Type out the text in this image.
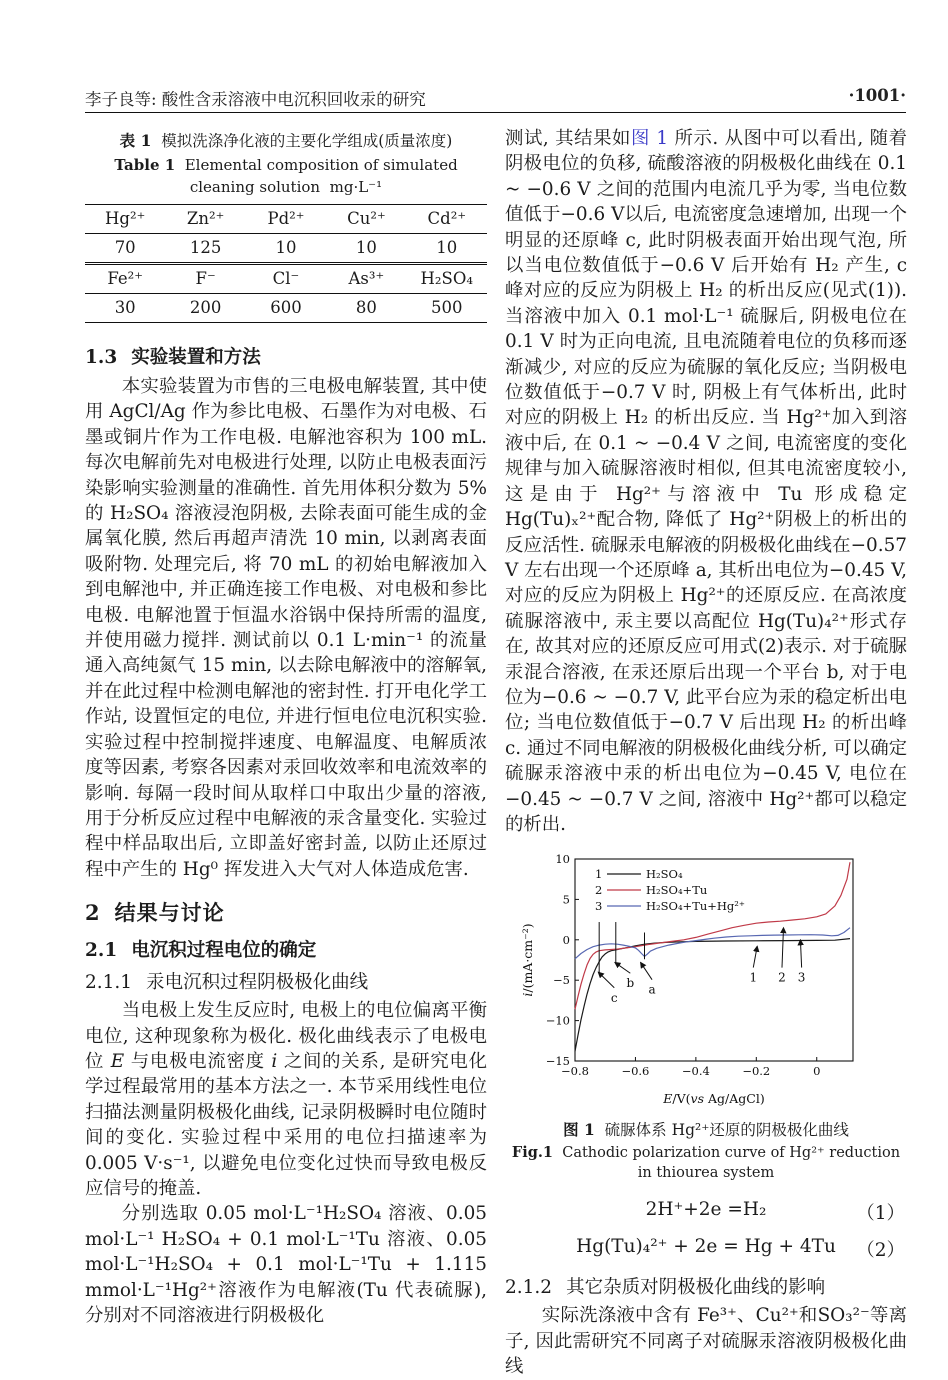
李子良等: 酸性含汞溶液中电沉积回收汞的研究	·1001·
表 1 模拟洗涤净化液的主要化学组成(质量浓度)
Table 1 Elemental composition of simulated cleaning solution mg·L⁻¹
Hg²⁺	Zn²⁺	Pd²⁺	Cu²⁺	Cd²⁺
70	125	10	10	10
Fe²⁺	F⁻	Cl⁻	As³⁺	H₂SO₄
30	200	600	80	500
1.3 实验装置和方法

本实验装置为市售的三电极电解装置, 其中使用 AgCl/Ag 作为参比电极、石墨作为对电极、石墨或铜片作为工作电极. 电解池容积为 100 mL. 每次电解前先对电极进行处理, 以防止电极表面污染影响实验测量的准确性. 首先用体积分数为 5% 的 H₂SO₄ 溶液浸泡阴极, 去除表面可能生成的金属氧化膜, 然后再超声清洗 10 min, 以剥离表面吸附物. 处理完后, 将 70 mL 的初始电解液加入到电解池中, 并正确连接工作电极、对电极和参比电极. 电解池置于恒温水浴锅中保持所需的温度, 并使用磁力搅拌. 测试前以 0.1 L·min⁻¹ 的流量通入高纯氮气 15 min, 以去除电解液中的溶解氧, 并在此过程中检测电解池的密封性. 打开电化学工作站, 设置恒定的电位, 并进行恒电位电沉积实验. 实验过程中控制搅拌速度、电解温度、电解质浓度等因素, 考察各因素对汞回收效率和电流效率的影响. 每隔一段时间从取样口中取出少量的溶液, 用于分析反应过程中电解液的汞含量变化. 实验过程中样品取出后, 立即盖好密封盖, 以防止还原过程中产生的 Hg⁰ 挥发进入大气对人体造成危害.

2 结果与讨论
2.1 电沉积过程电位的确定
2.1.1 汞电沉积过程阴极极化曲线

当电极上发生反应时, 电极上的电位偏离平衡电位, 这种现象称为极化. 极化曲线表示了电极电位 E 与电极电流密度 i 之间的关系, 是研究电化学过程最常用的基本方法之一. 本节采用线性电位扫描法测量阴极极化曲线, 记录阴极瞬时电位随时间的变化. 实验过程中采用的电位扫描速率为 0.005 V·s⁻¹, 以避免电位变化过快而导致电极反应信号的掩盖.

分别选取 0.05 mol·L⁻¹H₂SO₄ 溶液、0.05 mol·L⁻¹ H₂SO₄ + 0.1 mol·L⁻¹Tu 溶液、0.05 mol·L⁻¹H₂SO₄ + 0.1 mol·L⁻¹Tu + 1.115 mmol·L⁻¹Hg²⁺溶液作为电解液(Tu 代表硫脲), 分别对不同溶液进行阴极极化

测试, 其结果如图 1 所示. 从图中可以看出, 随着阴极电位的负移, 硫酸溶液的阴极极化曲线在 0.1 ~ −0.6 V 之间的范围内电流几乎为零, 当电位数值低于−0.6 V以后, 电流密度急速增加, 出现一个明显的还原峰 c, 此时阴极表面开始出现气泡, 所以当电位数值低于−0.6 V 后开始有 H₂ 产生, c 峰对应的反应为阴极上 H₂ 的析出反应(见式(1)). 当溶液中加入 0.1 mol·L⁻¹ 硫脲后, 阴极电位在 0.1 V 时为正向电流, 且电流随着电位的负移而逐渐减少, 对应的反应为硫脲的氧化反应; 当阴极电位数值低于−0.7 V 时, 阴极上有气体析出, 此时对应的阴极上 H₂ 的析出反应. 当 Hg²⁺加入到溶液中后, 在 0.1 ~ −0.4 V 之间, 电流密度的变化规律与加入硫脲溶液时相似, 但其电流密度较小, 这是由于 Hg²⁺与溶液中 Tu 形成稳定 Hg(Tu)ₓ²⁺配合物, 降低了 Hg²⁺阴极上的析出的反应活性. 硫脲汞电解液的阴极极化曲线在−0.57 V 左右出现一个还原峰 a, 其析出电位为−0.45 V, 对应的反应为阴极上 Hg²⁺的还原反应. 在高浓度硫脲溶液中, 汞主要以高配位 Hg(Tu)₄²⁺形式存在, 故其对应的还原反应可用式(2)表示. 对于硫脲汞混合溶液, 在汞还原后出现一个平台 b, 对于电位为−0.6 ~ −0.7 V, 此平台应为汞的稳定析出电位; 当电位数值低于−0.7 V 后出现 H₂ 的析出峰 c. 通过不同电解液的阴极极化曲线分析, 可以确定硫脲汞溶液中汞的析出电位为−0.45 V, 电位在−0.45 ~ −0.7 V 之间, 溶液中 Hg²⁺都可以稳定的析出.

−0.8	−0.6	−0.4	−0.2	0
10
5
0
−5
−10
−15
c
b a
1 2 3
1	H₂SO₄
2	H₂SO₄+Tu
3	H₂SO₄+Tu+Hg²⁺
E/V(vs Ag/AgCl)
i/(mA·cm⁻²)
图 1 硫脲体系 Hg²⁺还原的阴极极化曲线
Fig.1 Cathodic polarization curve of Hg²⁺ reduction in thiourea system
2H⁺+2e =H₂	（1）
Hg(Tu)₄²⁺ + 2e = Hg + 4Tu （2）
2.1.2 其它杂质对阴极极化曲线的影响

实际洗涤液中含有 Fe³⁺、Cu²⁺和SO₃²⁻等离子, 因此需研究不同离子对硫脲汞溶液阴极极化曲线
